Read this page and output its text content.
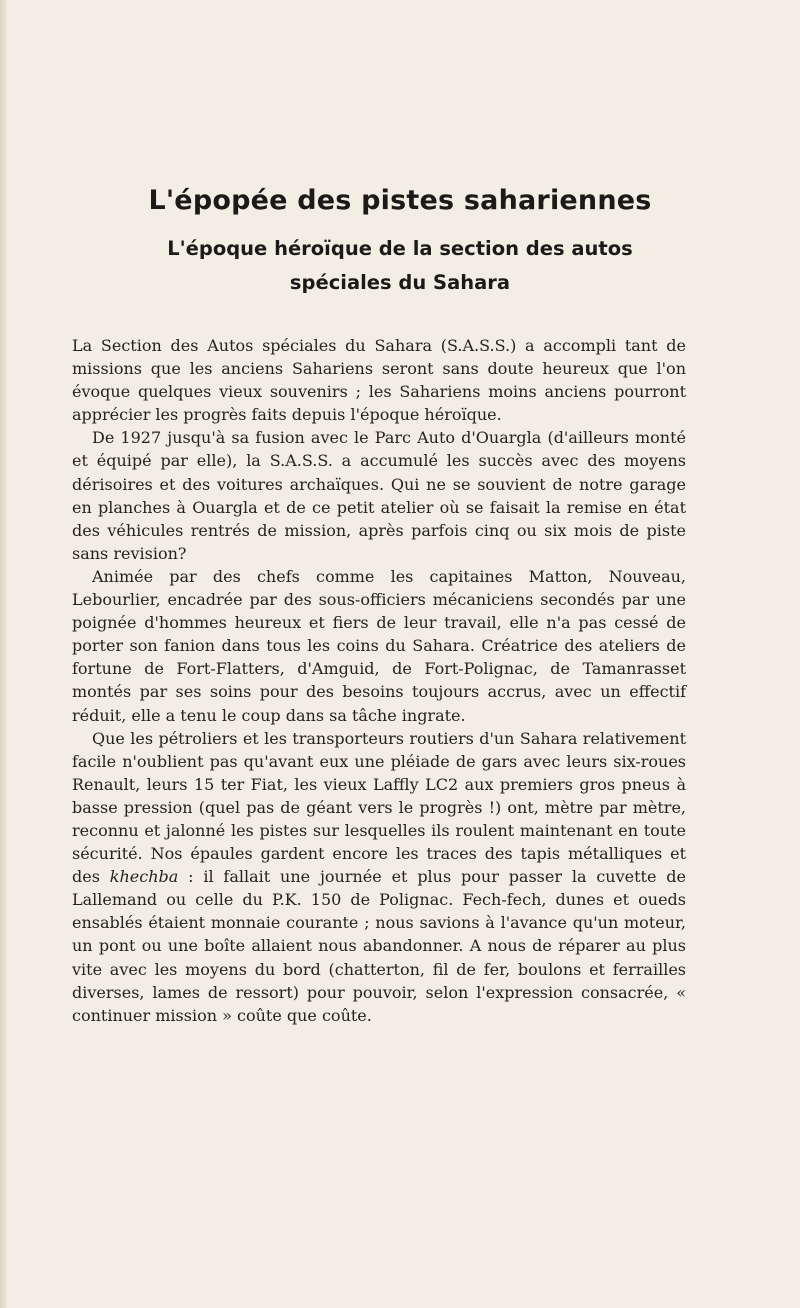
L'épopée des pistes sahariennes
L'époque héroïque de la section des autos
spéciales du Sahara

La Section des Autos spéciales du Sahara (S.A.S.S.) a accompli tant de missions que les anciens Sahariens seront sans doute heureux que l'on évoque quelques vieux souvenirs ; les Sahariens moins anciens pourront apprécier les progrès faits depuis l'époque héroïque.

De 1927 jusqu'à sa fusion avec le Parc Auto d'Ouargla (d'ailleurs monté et équipé par elle), la S.A.S.S. a accumulé les succès avec des moyens dérisoires et des voitures archaïques. Qui ne se souvient de notre garage en planches à Ouargla et de ce petit atelier où se faisait la remise en état des véhicules rentrés de mission, après parfois cinq ou six mois de piste sans revision?

Animée par des chefs comme les capitaines Matton, Nouveau, Lebourlier, encadrée par des sous-officiers mécaniciens secondés par une poignée d'hommes heureux et fiers de leur travail, elle n'a pas cessé de porter son fanion dans tous les coins du Sahara. Créatrice des ateliers de fortune de Fort-Flatters, d'Amguid, de Fort-Polignac, de Tamanrasset montés par ses soins pour des besoins toujours accrus, avec un effectif réduit, elle a tenu le coup dans sa tâche ingrate.

Que les pétroliers et les transporteurs routiers d'un Sahara relativement facile n'oublient pas qu'avant eux une pléiade de gars avec leurs six-roues Renault, leurs 15 ter Fiat, les vieux Laffly LC2 aux premiers gros pneus à basse pression (quel pas de géant vers le progrès !) ont, mètre par mètre, reconnu et jalonné les pistes sur lesquelles ils roulent maintenant en toute sécurité. Nos épaules gardent encore les traces des tapis métalliques et des khechba : il fallait une journée et plus pour passer la cuvette de Lallemand ou celle du P.K. 150 de Polignac. Fech-fech, dunes et oueds ensablés étaient monnaie courante ; nous savions à l'avance qu'un moteur, un pont ou une boîte allaient nous abandonner. A nous de réparer au plus vite avec les moyens du bord (chatterton, fil de fer, boulons et ferrailles diverses, lames de ressort) pour pouvoir, selon l'expression consacrée, « continuer mission » coûte que coûte.
